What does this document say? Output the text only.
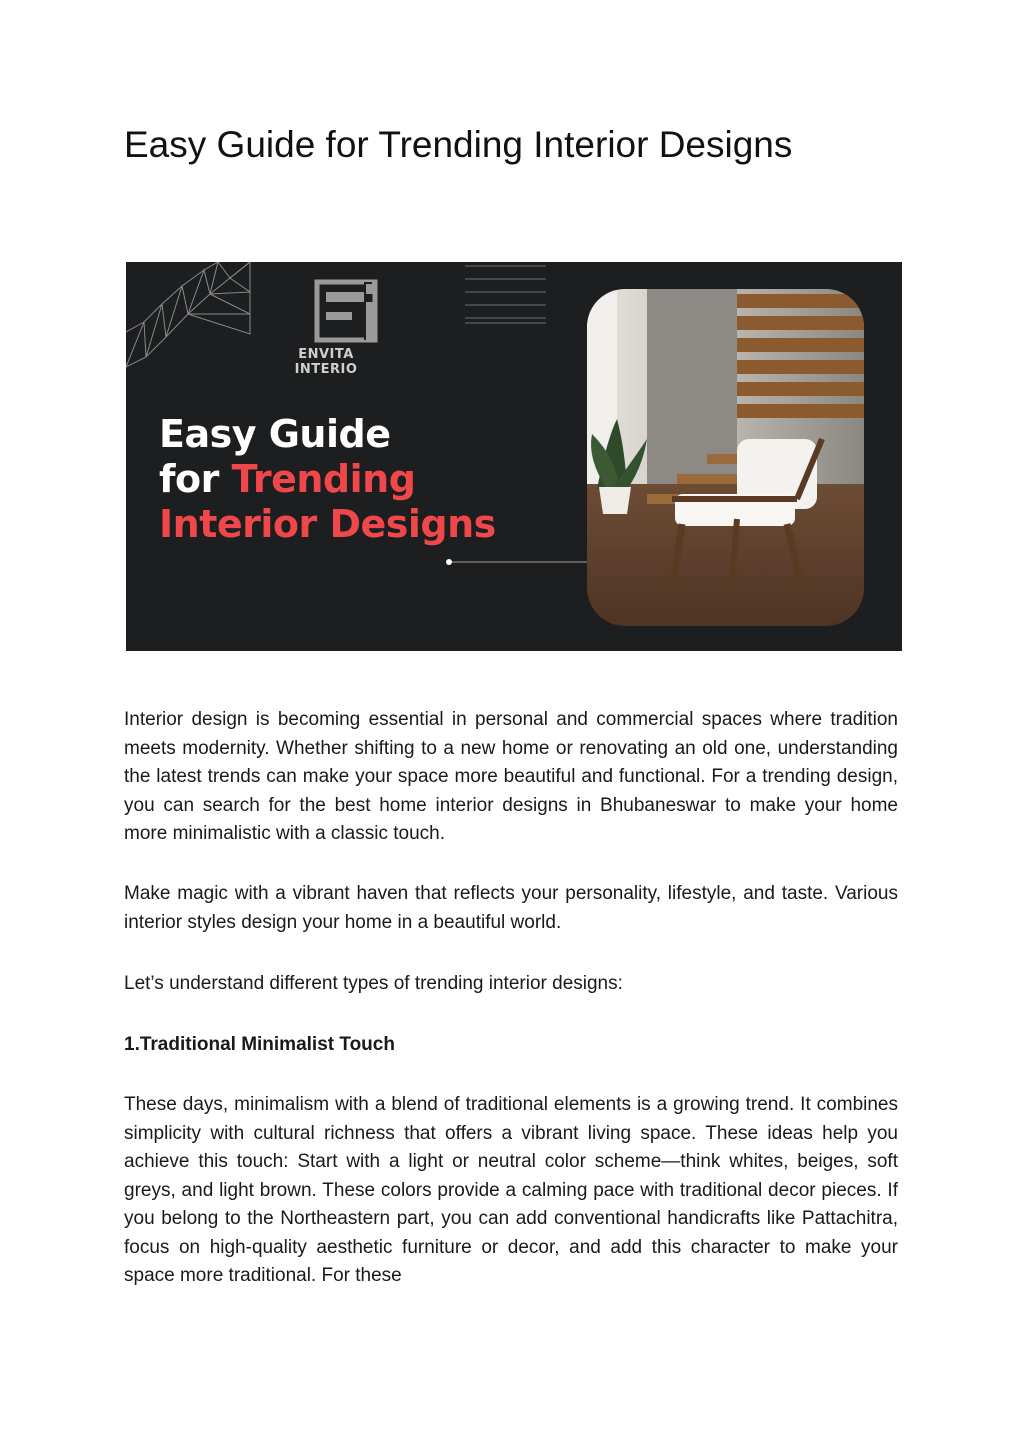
Easy Guide for Trending Interior Designs
ENVITA INTERIO
Easy Guide
for Trending
Interior Designs

Interior design is becoming essential in personal and commercial spaces where tradition meets modernity. Whether shifting to a new home or renovating an old one, understanding the latest trends can make your space more beautiful and functional. For a trending design, you can search for the best home interior designs in Bhubaneswar to make your home more minimalistic with a classic touch.

Make magic with a vibrant haven that reflects your personality, lifestyle, and taste. Various interior styles design your home in a beautiful world.

Let’s understand different types of trending interior designs:

1.Traditional Minimalist Touch

These days, minimalism with a blend of traditional elements is a growing trend. It combines simplicity with cultural richness that offers a vibrant living space. These ideas help you achieve this touch: Start with a light or neutral color scheme—think whites, beiges, soft greys, and light brown. These colors provide a calming pace with traditional decor pieces. If you belong to the Northeastern part, you can add conventional handicrafts like Pattachitra, focus on high-quality aesthetic furniture or decor, and add this character to make your space more traditional. For these
